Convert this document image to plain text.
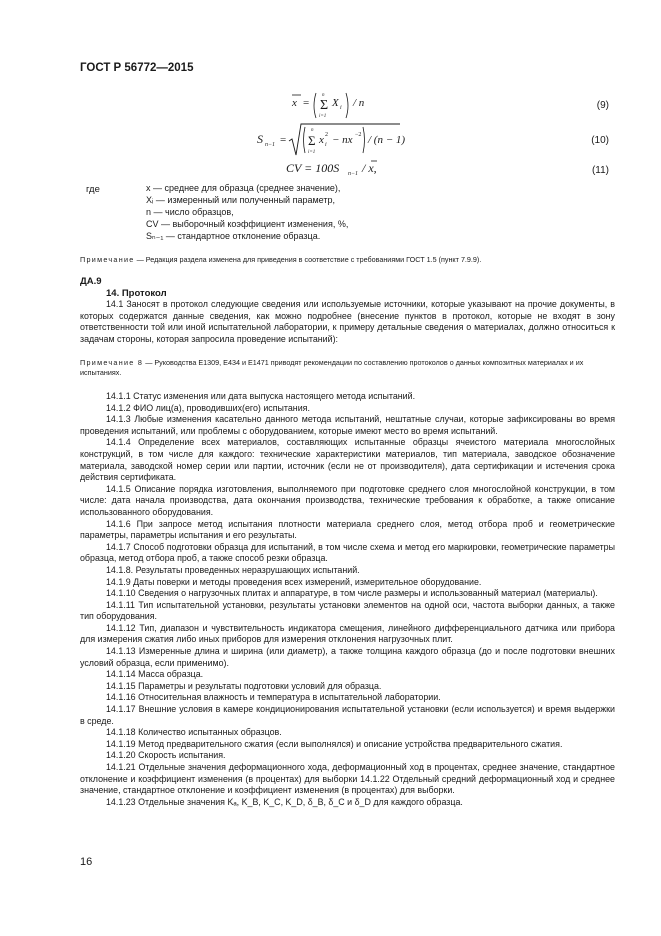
ГОСТ Р 56772—2015
x = Σ
n
i=1
X i / n	(9)
S n−1 = Σ
n
i=1
x 2
i − nx −2 / (n − 1)	(10)
CV = 100S n−1 / x,	(11)
где	x — среднее для образца (среднее значение),
Xᵢ — измеренный или полученный параметр,
n — число образцов,
CV — выборочный коэффициент изменения, %,
Sₙ₋₁ — стандартное отклонение образца.
Примечание — Редакция раздела изменена для приведения в соответствие с требованиями ГОСТ 1.5 (пункт 7.9.9).
ДА.9
14. Протокол

14.1 Заносят в протокол следующие сведения или используемые источники, которые указывают на прочие документы, в которых содержатся данные сведения, как можно подробнее (внесение пунктов в протокол, которые не входят в зону ответственности той или иной испытательной лаборатории, к примеру детальные сведения о материалах, должно относиться к задачам стороны, которая запросила проведение испытаний):

Примечание 8 — Руководства Е1309, Е434 и Е1471 приводят рекомендации по составлению протоколов о данных композитных материалах и их испытаниях.

14.1.1 Статус изменения или дата выпуска настоящего метода испытаний.

14.1.2 ФИО лиц(а), проводивших(его) испытания.

14.1.3 Любые изменения касательно данного метода испытаний, нештатные случаи, которые зафиксированы во время проведения испытаний, или проблемы с оборудованием, которые имеют место во время испытаний.

14.1.4 Определение всех материалов, составляющих испытанные образцы ячеистого материала многослойных конструкций, в том числе для каждого: технические характеристики материалов, тип материала, заводское обозначение материала, заводской номер серии или партии, источник (если не от производителя), дата сертификации и истечения срока действия сертификата.

14.1.5 Описание порядка изготовления, выполняемого при подготовке среднего слоя многослойной конструкции, в том числе: дата начала производства, дата окончания производства, технические требования к обработке, а также описание использованного оборудования.

14.1.6 При запросе метод испытания плотности материала среднего слоя, метод отбора проб и геометрические параметры, параметры испытания и его результаты.

14.1.7 Способ подготовки образца для испытаний, в том числе схема и метод его маркировки, геометрические параметры образца, метод отбора проб, а также способ резки образца.

14.1.8. Результаты проведенных неразрушающих испытаний.

14.1.9 Даты поверки и методы проведения всех измерений, измерительное оборудование.

14.1.10 Сведения о нагрузочных плитах и аппаратуре, в том числе размеры и использованный материал (материалы).

14.1.11 Тип испытательной установки, результаты установки элементов на одной оси, частота выборки данных, а также тип оборудования.

14.1.12 Тип, диапазон и чувствительность индикатора смещения, линейного дифференциального датчика или прибора для измерения сжатия либо иных приборов для измерения отклонения нагрузочных плит.

14.1.13 Измеренные длина и ширина (или диаметр), а также толщина каждого образца (до и после подготовки внешних условий образца, если применимо).

14.1.14 Масса образца.

14.1.15 Параметры и результаты подготовки условий для образца.

14.1.16 Относительная влажность и температура в испытательной лаборатории.

14.1.17 Внешние условия в камере кондиционирования испытательной установки (если используется) и время выдержки в среде.

14.1.18 Количество испытанных образцов.

14.1.19 Метод предварительного сжатия (если выполнялся) и описание устройства предварительного сжатия.

14.1.20 Скорость испытания.

14.1.21 Отдельные значения деформационного хода, деформационный ход в процентах, среднее значение, стандартное отклонение и коэффициент изменения (в процентах) для выборки 14.1.22 Отдельный средний деформационный ход и среднее значение, стандартное отклонение и коэффициент изменения (в процентах) для выборки.

14.1.23 Отдельные значения Kₐ, K_B, K_C, K_D, δ_B, δ_C и δ_D для каждого образца.

16
